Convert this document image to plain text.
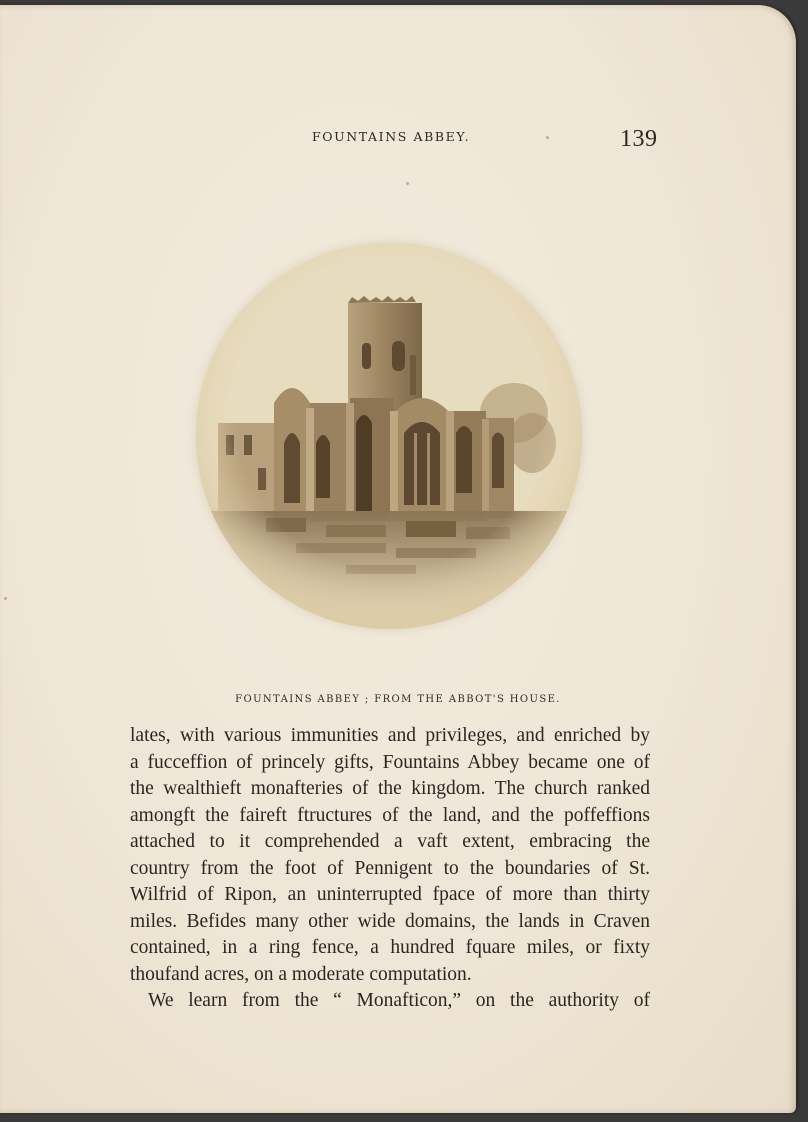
FOUNTAINS ABBEY.	139
FOUNTAINS ABBEY ; FROM THE ABBOT'S HOUSE.
lates, with various immunities and privileges, and enriched by
a fucceffion of princely gifts, Fountains Abbey became one of
the wealthieft monafteries of the kingdom. The church ranked
amongft the faireft ftructures of the land, and the poffeffions
attached to it comprehended a vaft extent, embracing the
country from the foot of Pennigent to the boundaries of St.
Wilfrid of Ripon, an uninterrupted fpace of more than thirty
miles. Befides many other wide domains, the lands in Craven
contained, in a ring fence, a hundred fquare miles, or fixty
thoufand acres, on a moderate computation.
We learn from the “ Monafticon,” on the authority of
